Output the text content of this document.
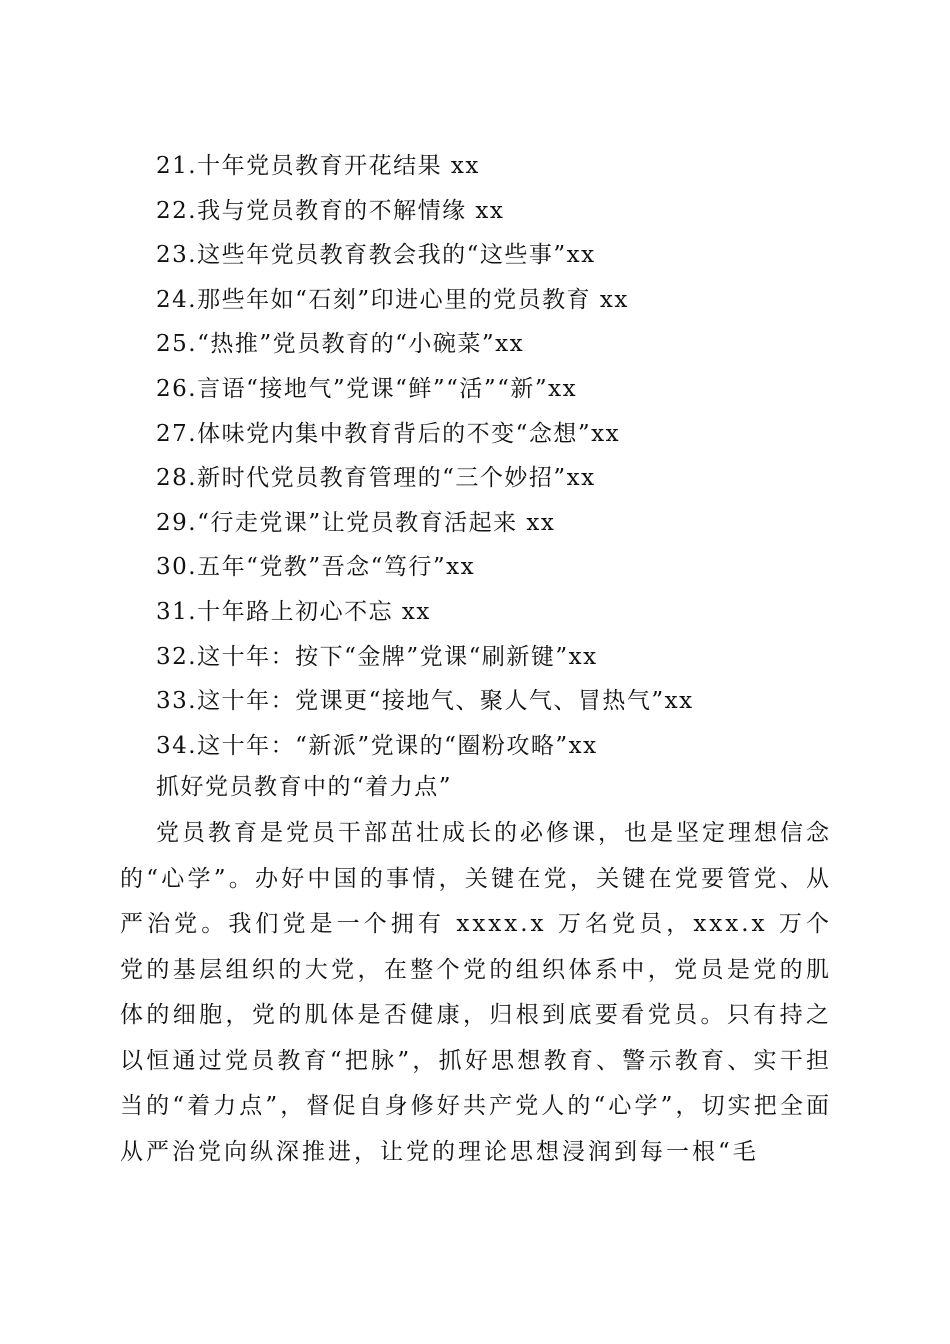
21.十年党员教育开花结果 xx
22.我与党员教育的不解情缘 xx
23.这些年党员教育教会我的“这些事”xx
24.那些年如“石刻”印进心里的党员教育 xx
25.“热推”党员教育的“小碗菜”xx
26.言语“接地气”党课“鲜”“活”“新”xx
27.体味党内集中教育背后的不变“念想”xx
28.新时代党员教育管理的“三个妙招”xx
29.“行走党课”让党员教育活起来 xx
30.五年“党教”吾念“笃行”xx
31.十年路上初心不忘 xx
32.这十年：按下“金牌”党课“刷新键”xx
33.这十年：党课更“接地气、聚人气、冒热气”xx
34.这十年：“新派”党课的“圈粉攻略”xx
抓好党员教育中的“着力点”

党员教育是党员干部茁壮成长的必修课，也是坚定理想信念的“心学”。办好中国的事情，关键在党，关键在党要管党、从严治党。我们党是一个拥有 xxxx.x 万名党员，xxx.x 万个党的基层组织的大党，在整个党的组织体系中，党员是党的肌体的细胞，党的肌体是否健康，归根到底要看党员。只有持之以恒通过党员教育“把脉”，抓好思想教育、警示教育、实干担当的“着力点”，督促自身修好共产党人的“心学”，切实把全面从严治党向纵深推进，让党的理论思想浸润到每一根“毛
